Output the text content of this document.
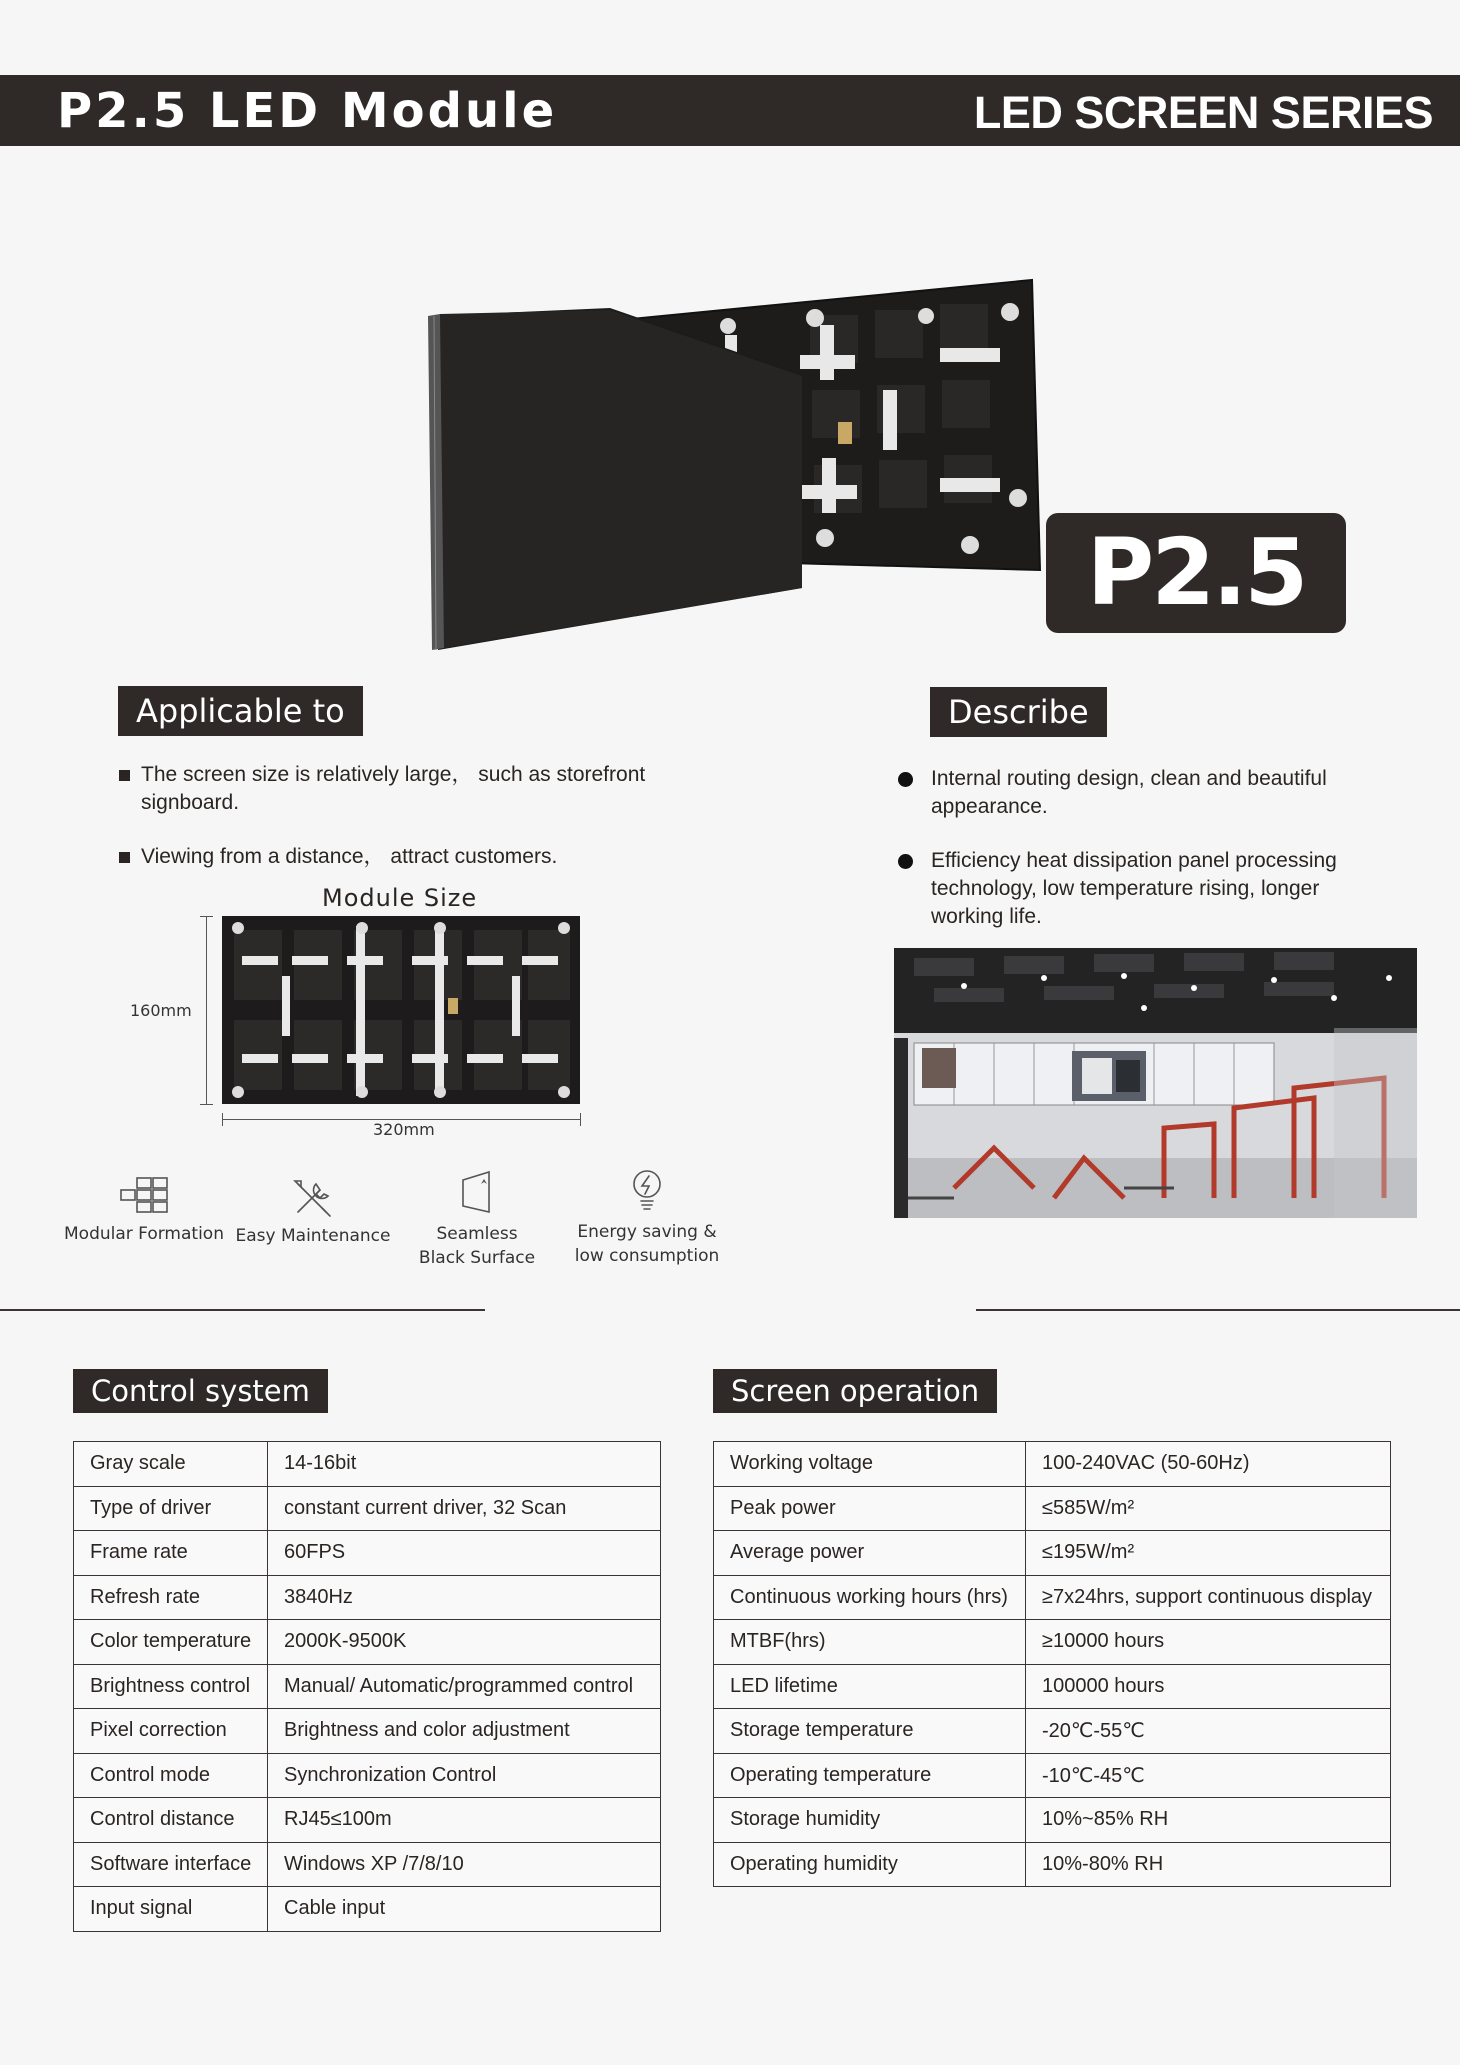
P2.5 LED Module	LED SCREEN SERIES
P2.5
Applicable to
The screen size is relatively large， such as storefront signboard.
Viewing from a distance， attract customers.
Describe
Internal routing design, clean and beautiful appearance.
Efficiency heat dissipation panel processing technology, low temperature rising, longer working life.
Module Size
160mm
320mm
Modular Formation Easy Maintenance	Seamless Black Surface
Energy saving & low consumption
Control system
Gray scale	14-16bit
Type of driver	constant current driver, 32 Scan
Frame rate	60FPS
Refresh rate	3840Hz
Color temperature	2000K-9500K
Brightness control	Manual/ Automatic/programmed control
Pixel correction	Brightness and color adjustment
Control mode	Synchronization Control
Control distance	RJ45≤100m
Software interface	Windows XP /7/8/10
Input signal	Cable input
Screen operation
Working voltage	100-240VAC (50-60Hz)
Peak power	≤585W/m²
Average power	≤195W/m²
Continuous working hours (hrs)	≥7x24hrs, support continuous display
MTBF(hrs)	≥10000 hours
LED lifetime	100000 hours
Storage temperature	-20℃-55℃
Operating temperature	-10℃-45℃
Storage humidity	10%~85% RH
Operating humidity	10%-80% RH
